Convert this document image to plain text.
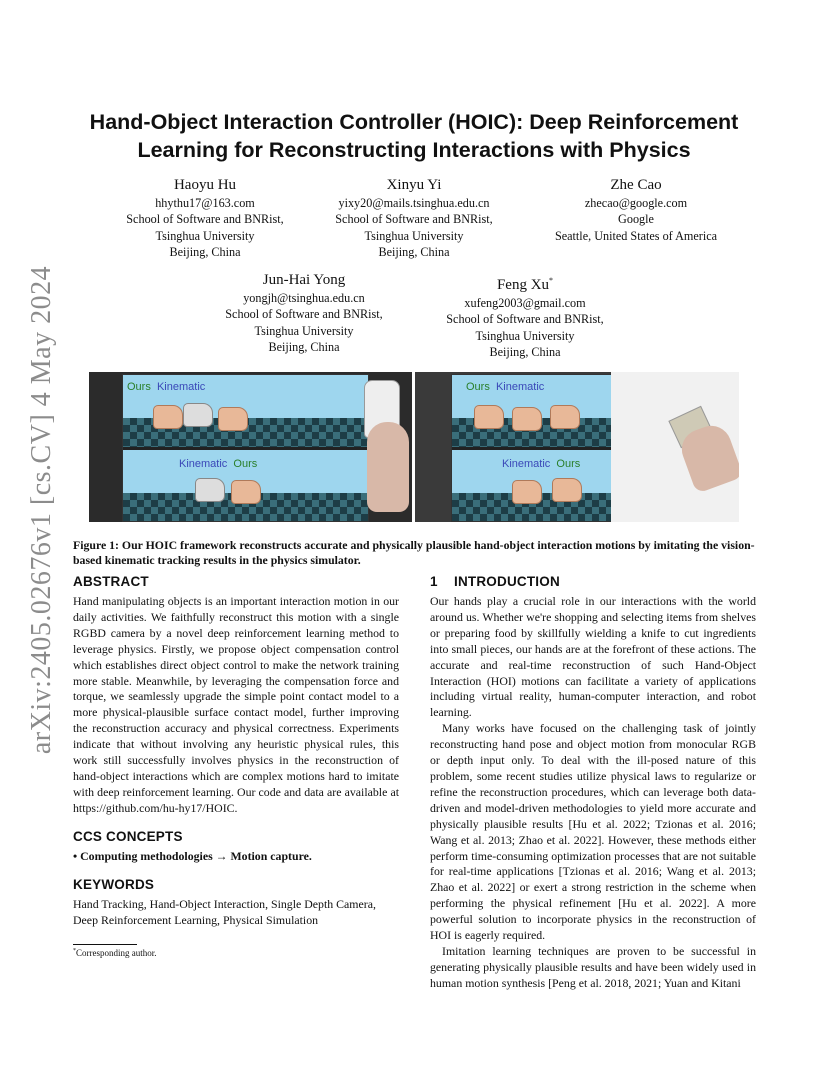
arXiv:2405.02676v1 [cs.CV] 4 May 2024
Hand-Object Interaction Controller (HOIC): Deep Reinforcement
Learning for Reconstructing Interactions with Physics
Haoyu Hu
hhythu17@163.com
School of Software and BNRist,
Tsinghua University
Beijing, China
Xinyu Yi
yixy20@mails.tsinghua.edu.cn
School of Software and BNRist,
Tsinghua University
Beijing, China
Zhe Cao
zhecao@google.com
Google
Seattle, United States of America
Jun-Hai Yong
yongjh@tsinghua.edu.cn
School of Software and BNRist,
Tsinghua University
Beijing, China
Feng Xu*
xufeng2003@gmail.com
School of Software and BNRist,
Tsinghua University
Beijing, China
Ours Kinematic
Kinematic Ours
Ours Kinematic
Kinematic Ours
Figure 1: Our HOIC framework reconstructs accurate and physically plausible hand-object interaction motions by imitating the vision-based kinematic tracking results in the physics simulator.
ABSTRACT

Hand manipulating objects is an important interaction motion in our daily activities. We faithfully reconstruct this motion with a single RGBD camera by a novel deep reinforcement learning method to leverage physics. Firstly, we propose object compensation control which establishes direct object control to make the network training more stable. Meanwhile, by leveraging the compensation force and torque, we seamlessly upgrade the simple point contact model to a more physical-plausible surface contact model, further improving the reconstruction accuracy and physical correctness. Experiments indicate that without involving any heuristic physical rules, this work still successfully involves physics in the reconstruction of hand-object interactions which are complex motions hard to imitate with deep reinforcement learning. Our code and data are available at https://github.com/hu-hy17/HOIC.

CCS CONCEPTS

• Computing methodologies → Motion capture.

KEYWORDS

Hand Tracking, Hand-Object Interaction, Single Depth Camera, Deep Reinforcement Learning, Physical Simulation

*Corresponding author.
1 INTRODUCTION

Our hands play a crucial role in our interactions with the world around us. Whether we're shopping and selecting items from shelves or preparing food by skillfully wielding a knife to cut ingredients into small pieces, our hands are at the forefront of these actions. The accurate and real-time reconstruction of such Hand-Object Interaction (HOI) motions can facilitate a variety of applications including virtual reality, human-computer interaction, and robot learning.

Many works have focused on the challenging task of jointly reconstructing hand pose and object motion from monocular RGB or depth input only. To deal with the ill-posed nature of this problem, some recent studies utilize physical laws to regularize or refine the reconstruction procedures, which can leverage both data-driven and model-driven methodologies to yield more accurate and physically plausible results [Hu et al. 2022; Tzionas et al. 2016; Wang et al. 2013; Zhao et al. 2022]. However, these methods either perform time-consuming optimization processes that are not suitable for real-time applications [Tzionas et al. 2016; Wang et al. 2013; Zhao et al. 2022] or exert a strong restriction in the scheme when performing the physical refinement [Hu et al. 2022]. A more powerful solution to incorporate physics in the reconstruction of HOI is eagerly required.

Imitation learning techniques are proven to be successful in generating physically plausible results and have been widely used in human motion synthesis [Peng et al. 2018, 2021; Yuan and Kitani
